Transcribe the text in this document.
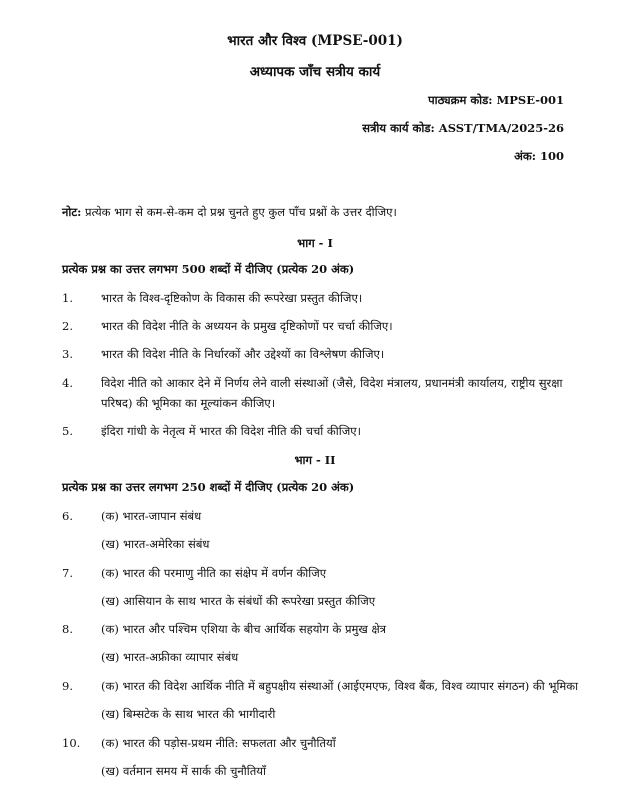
भारत और विश्व (MPSE-001)
अध्यापक जाँच सत्रीय कार्य
पाठ्यक्रम कोड: MPSE-001
सत्रीय कार्य कोड: ASST/TMA/2025-26
अंक: 100
नोट: प्रत्येक भाग से कम-से-कम दो प्रश्न चुनते हुए कुल पाँच प्रश्नों के उत्तर दीजिए।
भाग - I
प्रत्येक प्रश्न का उत्तर लगभग 500 शब्दों में दीजिए (प्रत्येक 20 अंक)
1. भारत के विश्व-दृष्टिकोण के विकास की रूपरेखा प्रस्तुत कीजिए।
2. भारत की विदेश नीति के अध्ययन के प्रमुख दृष्टिकोणों पर चर्चा कीजिए।
3. भारत की विदेश नीति के निर्धारकों और उद्देश्यों का विश्लेषण कीजिए।
4. विदेश नीति को आकार देने में निर्णय लेने वाली संस्थाओं (जैसे, विदेश मंत्रालय, प्रधानमंत्री कार्यालय, राष्ट्रीय सुरक्षा परिषद) की भूमिका का मूल्यांकन कीजिए।
5. इंदिरा गांधी के नेतृत्व में भारत की विदेश नीति की चर्चा कीजिए।
भाग - II
प्रत्येक प्रश्न का उत्तर लगभग 250 शब्दों में दीजिए (प्रत्येक 20 अंक)
6. (क) भारत-जापान संबंध
(ख) भारत-अमेरिका संबंध
7. (क) भारत की परमाणु नीति का संक्षेप में वर्णन कीजिए
(ख) आसियान के साथ भारत के संबंधों की रूपरेखा प्रस्तुत कीजिए
8. (क) भारत और पश्चिम एशिया के बीच आर्थिक सहयोग के प्रमुख क्षेत्र
(ख) भारत-अफ्रीका व्यापार संबंध
9. (क) भारत की विदेश आर्थिक नीति में बहुपक्षीय संस्थाओं (आईएमएफ, विश्व बैंक, विश्व व्यापार संगठन) की भूमिका
(ख) बिम्सटेक के साथ भारत की भागीदारी
10. (क) भारत की पड़ोस-प्रथम नीति: सफलता और चुनौतियाँ
(ख) वर्तमान समय में सार्क की चुनौतियाँ
